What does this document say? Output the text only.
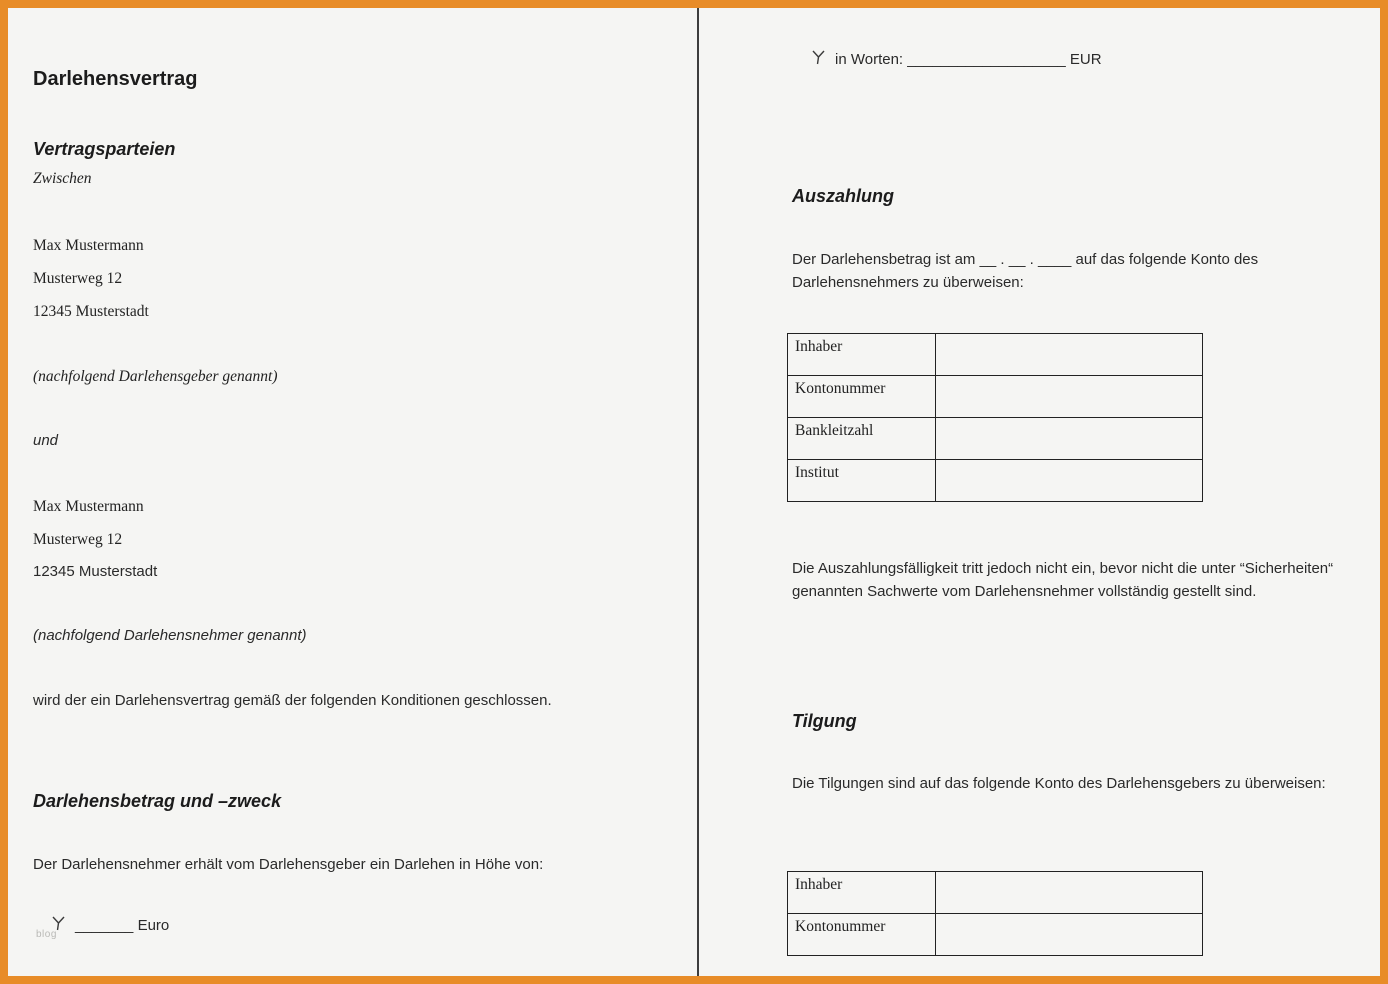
Darlehensvertrag
Vertragsparteien
Zwischen
Max Mustermann
Musterweg 12
12345 Musterstadt
(nachfolgend Darlehensgeber genannt)
und
Max Mustermann
Musterweg 12
12345 Musterstadt
(nachfolgend Darlehensnehmer genannt)
wird der ein Darlehensvertrag gemäß der folgenden Konditionen geschlossen.
Darlehensbetrag und –zweck
Der Darlehensnehmer erhält vom Darlehensgeber ein Darlehen in Höhe von:
_______ Euro
blog
in Worten: ___________________ EUR
Auszahlung
Der Darlehensbetrag ist am __ . __ . ____ auf das folgende Konto des Darlehensnehmers zu überweisen:
Inhaber	
Kontonummer	
Bankleitzahl	
Institut	
Die Auszahlungsfälligkeit tritt jedoch nicht ein, bevor nicht die unter “Sicherheiten“ genannten Sachwerte vom Darlehensnehmer vollständig gestellt sind.
Tilgung
Die Tilgungen sind auf das folgende Konto des Darlehensgebers zu überweisen:
Inhaber	
Kontonummer	
